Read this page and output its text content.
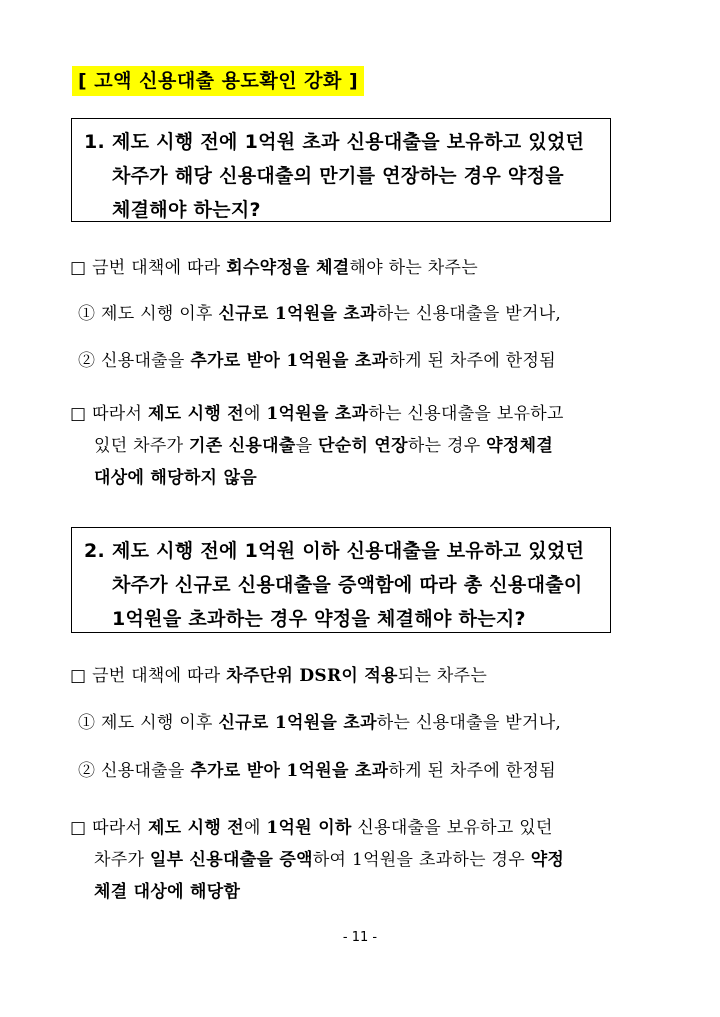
[ 고액 신용대출 용도확인 강화 ]
1. 제도 시행 전에 1억원 초과 신용대출을 보유하고 있었던
차주가 해당 신용대출의 만기를 연장하는 경우 약정을
체결해야 하는지?
□ 금번 대책에 따라 회수약정을 체결해야 하는 차주는
① 제도 시행 이후 신규로 1억원을 초과하는 신용대출을 받거나,
② 신용대출을 추가로 받아 1억원을 초과하게 된 차주에 한정됨
□ 따라서 제도 시행 전에 1억원을 초과하는 신용대출을 보유하고
있던 차주가 기존 신용대출을 단순히 연장하는 경우 약정체결
대상에 해당하지 않음
2. 제도 시행 전에 1억원 이하 신용대출을 보유하고 있었던
차주가 신규로 신용대출을 증액함에 따라 총 신용대출이
1억원을 초과하는 경우 약정을 체결해야 하는지?
□ 금번 대책에 따라 차주단위 DSR이 적용되는 차주는
① 제도 시행 이후 신규로 1억원을 초과하는 신용대출을 받거나,
② 신용대출을 추가로 받아 1억원을 초과하게 된 차주에 한정됨
□ 따라서 제도 시행 전에 1억원 이하 신용대출을 보유하고 있던
차주가 일부 신용대출을 증액하여 1억원을 초과하는 경우 약정
체결 대상에 해당함
- 11 -
